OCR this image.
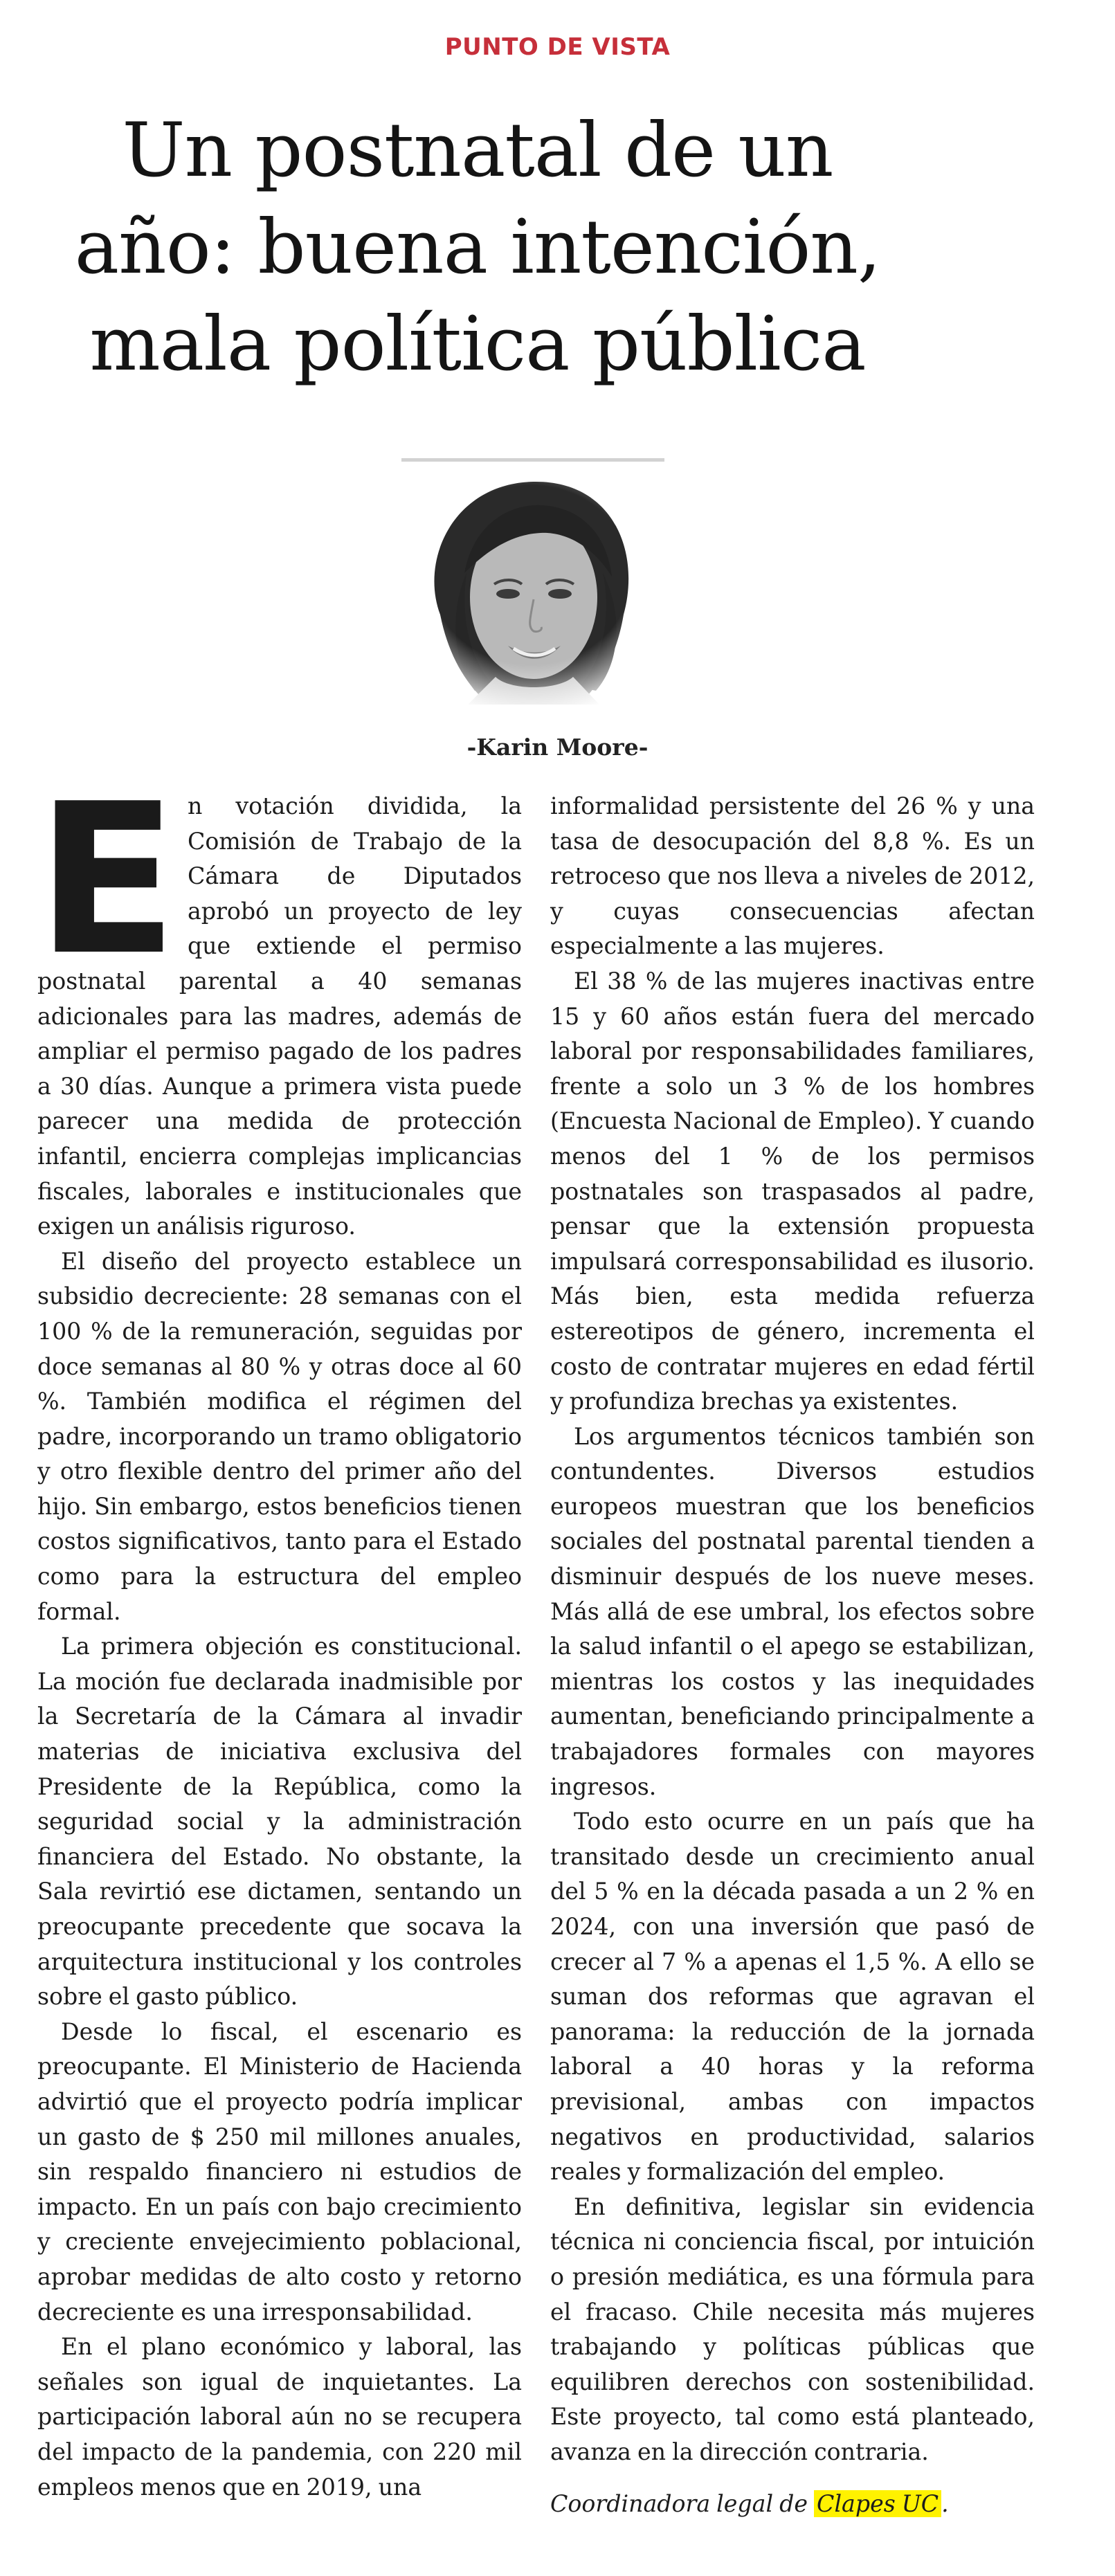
PUNTO DE VISTA
Un postnatal de un
año: buena intención,
mala política pública
-Karin Moore-

En votación dividida, la Comisión de Trabajo de la Cámara de Diputados aprobó un proyecto de ley que extiende el permiso postnatal parental a 40 semanas adicionales para las madres, además de ampliar el permiso pagado de los padres a 30 días. Aunque a primera vista puede parecer una medida de protección infantil, encierra complejas implicancias fiscales, laborales e institucionales que exigen un análisis riguroso.

El diseño del proyecto establece un subsidio decreciente: 28 semanas con el 100 % de la remuneración, seguidas por doce semanas al 80 % y otras doce al 60 %. También modifica el régimen del padre, incorporando un tramo obligatorio y otro flexible dentro del primer año del hijo. Sin embargo, estos beneficios tienen costos significativos, tanto para el Estado como para la estructura del empleo formal.

La primera objeción es constitucional. La moción fue declarada inadmisible por la Secretaría de la Cámara al invadir materias de iniciativa exclusiva del Presidente de la República, como la seguridad social y la administración financiera del Estado. No obstante, la Sala revirtió ese dictamen, sentando un preocupante precedente que socava la arquitectura institucional y los controles sobre el gasto público.

Desde lo fiscal, el escenario es preocupante. El Ministerio de Hacienda advirtió que el proyecto podría implicar un gasto de $ 250 mil millones anuales, sin respaldo financiero ni estudios de impacto. En un país con bajo crecimiento y creciente envejecimiento poblacional, aprobar medidas de alto costo y retorno decreciente es una irresponsabilidad.

En el plano económico y laboral, las señales son igual de inquietantes. La participación laboral aún no se recupera del impacto de la pandemia, con 220 mil empleos menos que en 2019, una

informalidad persistente del 26 % y una tasa de desocupación del 8,8 %. Es un retroceso que nos lleva a niveles de 2012, y cuyas consecuencias afectan especialmente a las mujeres.

El 38 % de las mujeres inactivas entre 15 y 60 años están fuera del mercado laboral por responsabilidades familiares, frente a solo un 3 % de los hombres (Encuesta Nacional de Empleo). Y cuando menos del 1 % de los permisos postnatales son traspasados al padre, pensar que la extensión propuesta impulsará corresponsabilidad es ilusorio. Más bien, esta medida refuerza estereotipos de género, incrementa el costo de contratar mujeres en edad fértil y profundiza brechas ya existentes.

Los argumentos técnicos también son contundentes. Diversos estudios europeos muestran que los beneficios sociales del postnatal parental tienden a disminuir después de los nueve meses. Más allá de ese umbral, los efectos sobre la salud infantil o el apego se estabilizan, mientras los costos y las inequidades aumentan, beneficiando principalmente a trabajadores formales con mayores ingresos.

Todo esto ocurre en un país que ha transitado desde un crecimiento anual del 5 % en la década pasada a un 2 % en 2024, con una inversión que pasó de crecer al 7 % a apenas el 1,5 %. A ello se suman dos reformas que agravan el panorama: la reducción de la jornada laboral a 40 horas y la reforma previsional, ambas con impactos negativos en productividad, salarios reales y formalización del empleo.

En definitiva, legislar sin evidencia técnica ni conciencia fiscal, por intuición o presión mediática, es una fórmula para el fracaso. Chile necesita más mujeres trabajando y políticas públicas que equilibren derechos con sostenibilidad. Este proyecto, tal como está planteado, avanza en la dirección contraria.

Coordinadora legal de Clapes UC .
